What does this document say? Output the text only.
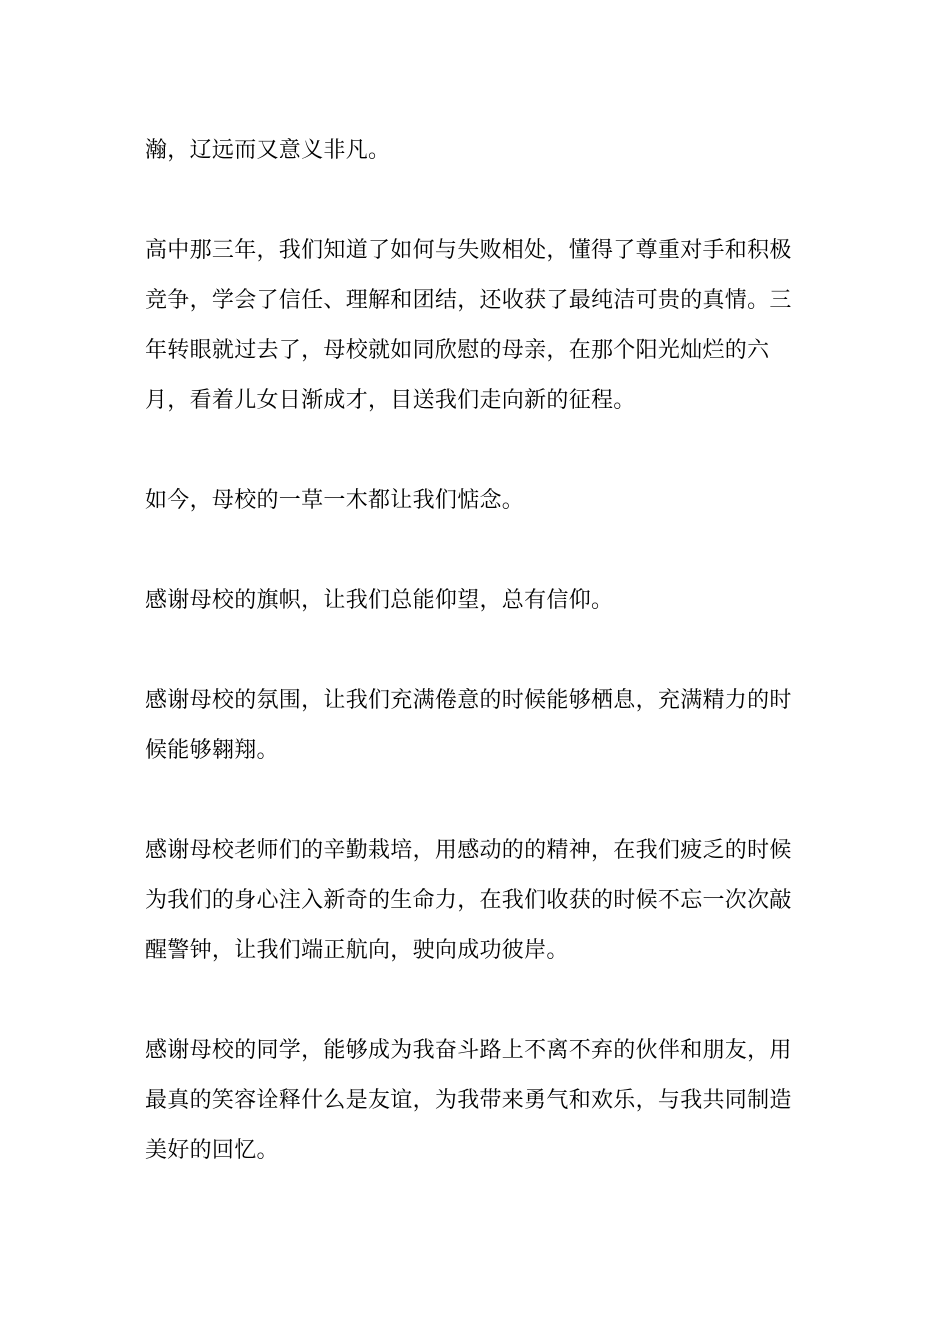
瀚，辽远而又意义非凡。

高中那三年，我们知道了如何与失败相处，懂得了尊重对手和积极竞争，学会了信任、理解和团结，还收获了最纯洁可贵的真情。三年转眼就过去了，母校就如同欣慰的母亲，在那个阳光灿烂的六月，看着儿女日渐成才，目送我们走向新的征程。

如今，母校的一草一木都让我们惦念。

感谢母校的旗帜，让我们总能仰望，总有信仰。

感谢母校的氛围，让我们充满倦意的时候能够栖息，充满精力的时候能够翱翔。

感谢母校老师们的辛勤栽培，用感动的的精神，在我们疲乏的时候为我们的身心注入新奇的生命力，在我们收获的时候不忘一次次敲醒警钟，让我们端正航向，驶向成功彼岸。

感谢母校的同学，能够成为我奋斗路上不离不弃的伙伴和朋友，用最真的笑容诠释什么是友谊，为我带来勇气和欢乐，与我共同制造美好的回忆。
